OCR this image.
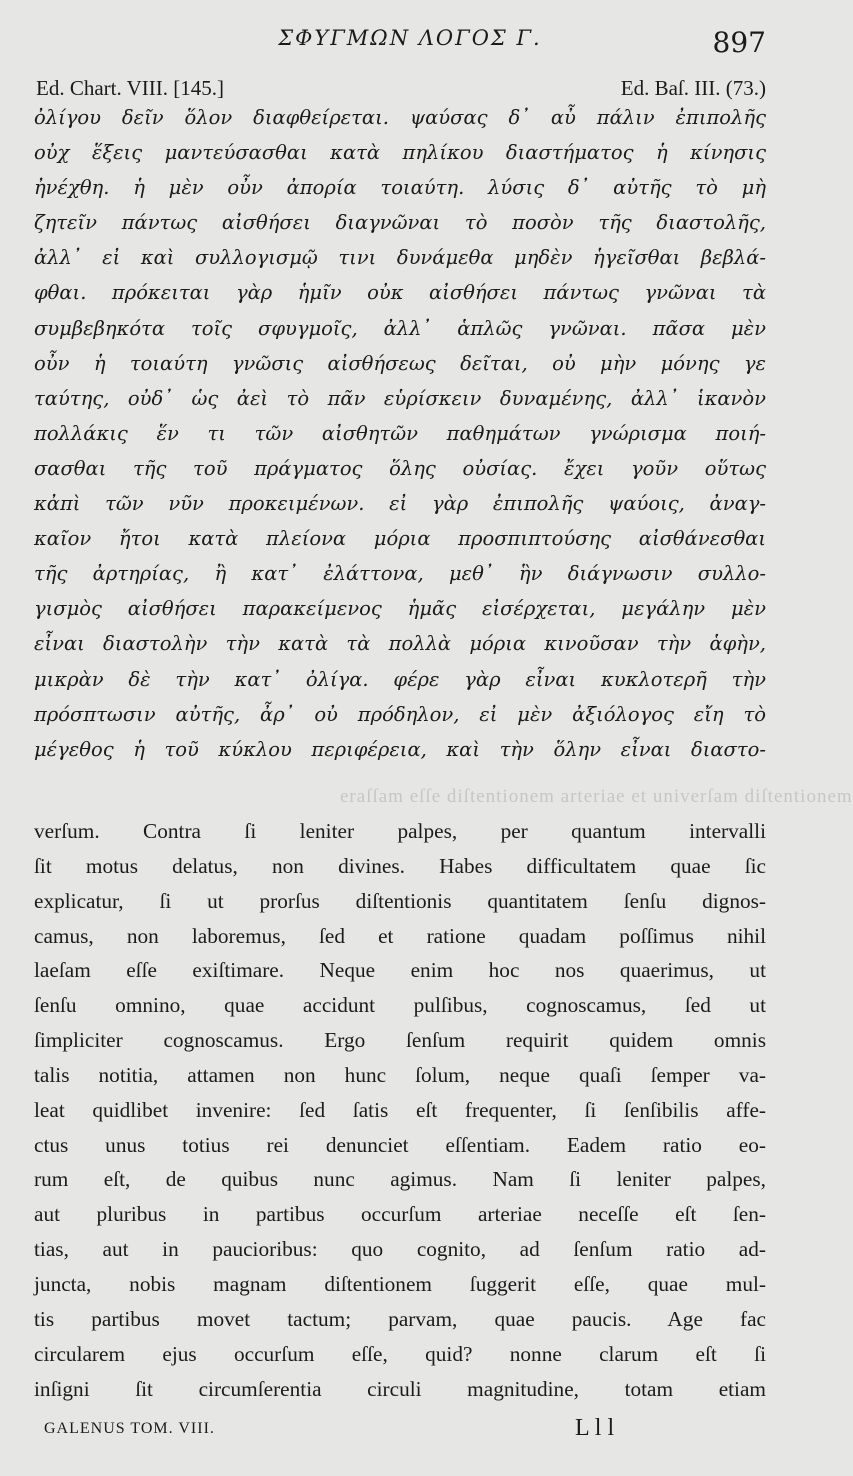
ΣΦΥΓΜΩΝ ΛΟΓΟΣ Γ.	897
Ed. Chart. VIII. [145.]	Ed. Baſ. III. (73.)
ὀλίγου δεῖν ὅλον διαφθείρεται. ψαύσας δ᾽ αὖ πάλιν ἐπιπολῆς
οὐχ ἕξεις μαντεύσασθαι κατὰ πηλίκου διαστήματος ἡ κίνησις
ἠνέχθη. ἡ μὲν οὖν ἀπορία τοιαύτη. λύσις δ᾽ αὐτῆς τὸ μὴ
ζητεῖν πάντως αἰσθήσει διαγνῶναι τὸ ποσὸν τῆς διαστολῆς,
ἀλλ᾽ εἰ καὶ συλλογισμῷ τινι δυνάμεθα μηδὲν ἡγεῖσθαι βεβλά-
φθαι. πρόκειται γὰρ ἡμῖν οὐκ αἰσθήσει πάντως γνῶναι τὰ
συμβεβηκότα τοῖς σφυγμοῖς, ἀλλ᾽ ἁπλῶς γνῶναι. πᾶσα μὲν
οὖν ἡ τοιαύτη γνῶσις αἰσθήσεως δεῖται, οὐ μὴν μόνης γε
ταύτης, οὐδ᾽ ὡς ἀεὶ τὸ πᾶν εὑρίσκειν δυναμένης, ἀλλ᾽ ἱκανὸν
πολλάκις ἕν τι τῶν αἰσθητῶν παθημάτων γνώρισμα ποιή-
σασθαι τῆς τοῦ πράγματος ὅλης οὐσίας. ἔχει γοῦν οὕτως
κἀπὶ τῶν νῦν προκειμένων. εἰ γὰρ ἐπιπολῆς ψαύοις, ἀναγ-
καῖον ἤτοι κατὰ πλείονα μόρια προσπιπτούσης αἰσθάνεσθαι
τῆς ἀρτηρίας, ἢ κατ᾽ ἐλάττονα, μεθ᾽ ἣν διάγνωσιν συλλο-
γισμὸς αἰσθήσει παρακείμενος ἡμᾶς εἰσέρχεται, μεγάλην μὲν
εἶναι διαστολὴν τὴν κατὰ τὰ πολλὰ μόρια κινοῦσαν τὴν ἁφὴν,
μικρὰν δὲ τὴν κατ᾽ ὀλίγα. φέρε γὰρ εἶναι κυκλοτερῆ τὴν
πρόσπτωσιν αὐτῆς, ἆρ᾽ οὐ πρόδηλον, εἰ μὲν ἀξιόλογος εἴη τὸ
μέγεθος ἡ τοῦ κύκλου περιφέρεια, καὶ τὴν ὅλην εἶναι διαστο-
eraſſam eſſe diſtentionem arteriae et univerſam diſtentionem
verſum. Contra ſi leniter palpes, per quantum intervalli
ſit motus delatus, non divines. Habes difficultatem quae ſic
explicatur, ſi ut prorſus diſtentionis quantitatem ſenſu dignos-
camus, non laboremus, ſed et ratione quadam poſſimus nihil
laeſam eſſe exiſtimare. Neque enim hoc nos quaerimus, ut
ſenſu omnino, quae accidunt pulſibus, cognoscamus, ſed ut
ſimpliciter cognoscamus. Ergo ſenſum requirit quidem omnis
talis notitia, attamen non hunc ſolum, neque quaſi ſemper va-
leat quidlibet invenire: ſed ſatis eſt frequenter, ſi ſenſibilis affe-
ctus unus totius rei denunciet eſſentiam. Eadem ratio eo-
rum eſt, de quibus nunc agimus. Nam ſi leniter palpes,
aut pluribus in partibus occurſum arteriae neceſſe eſt ſen-
tias, aut in paucioribus: quo cognito, ad ſenſum ratio ad-
juncta, nobis magnam diſtentionem ſuggerit eſſe, quae mul-
tis partibus movet tactum; parvam, quae paucis. Age fac
circularem ejus occurſum eſſe, quid? nonne clarum eſt ſi
inſigni ſit circumſerentia circuli magnitudine, totam etiam
GALENUS TOM. VIII.	L l l
